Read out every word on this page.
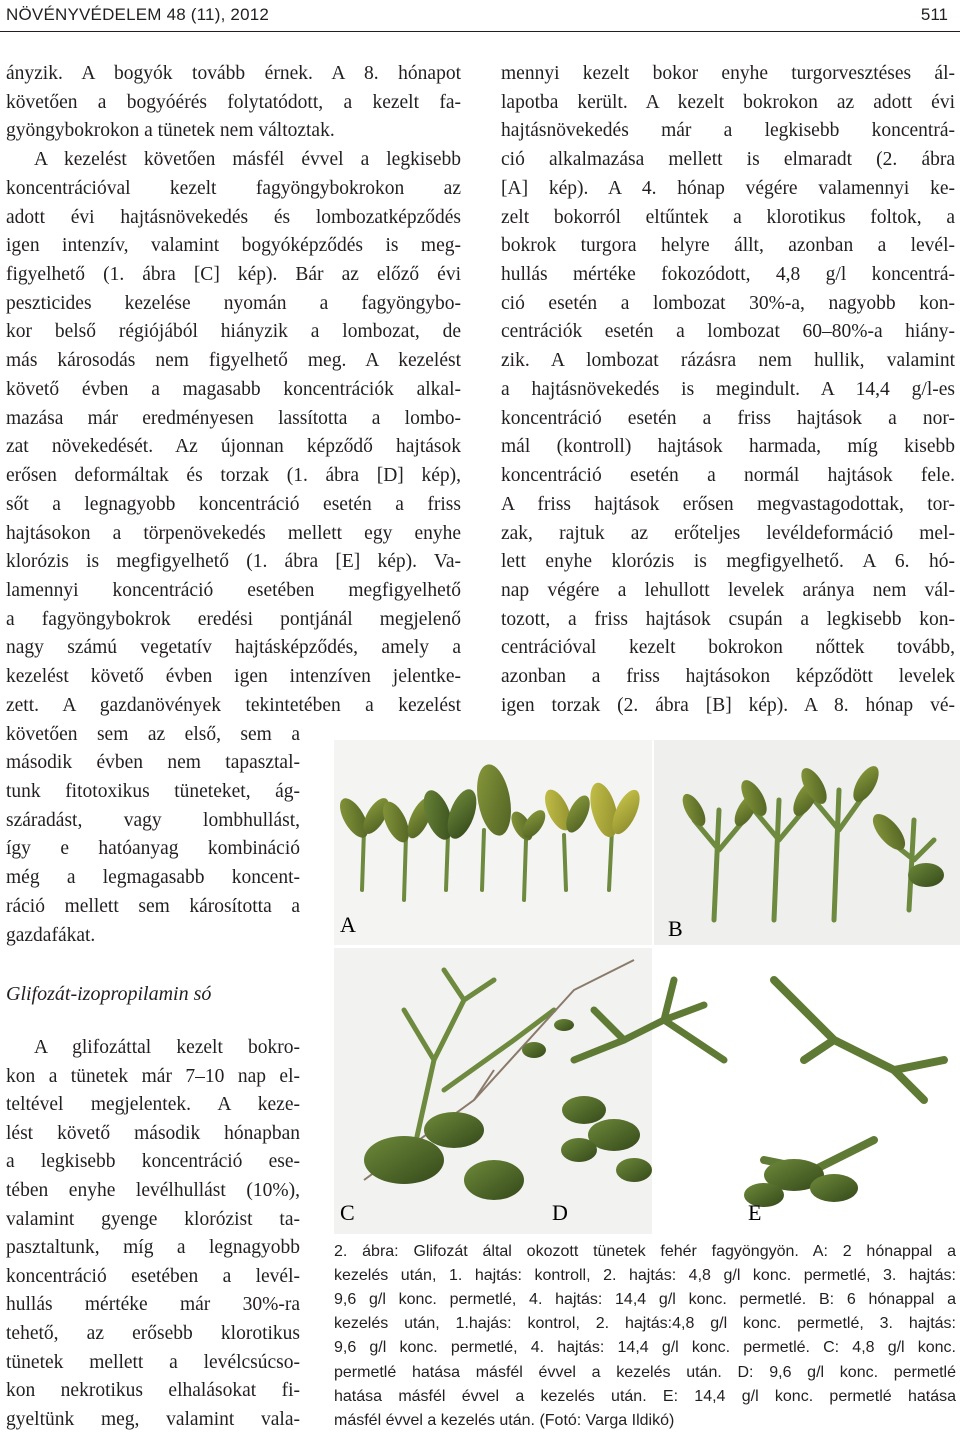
NÖVÉNYVÉDELEM 48 (11), 2012	511
ányzik. A bogyók tovább érnek. A 8. hónapot
követően a bogyóérés folytatódott, a kezelt fa-
gyöngybokrokon a tünetek nem változtak.
A kezelést követően másfél évvel a legkisebb
koncentrációval kezelt fagyöngybokrokon az
adott évi hajtásnövekedés és lombozatképződés
igen intenzív, valamint bogyóképződés is meg-
figyelhető (1. ábra [C] kép). Bár az előző évi
peszticides kezelése nyomán a fagyöngybo-
kor belső régiójából hiányzik a lombozat, de
más károsodás nem figyelhető meg. A kezelést
követő évben a magasabb koncentrációk alkal-
mazása már eredményesen lassította a lombo-
zat növekedését. Az újonnan képződő hajtások
erősen deformáltak és torzak (1. ábra [D] kép),
sőt a legnagyobb koncentráció esetén a friss
hajtásokon a törpenövekedés mellett egy enyhe
klorózis is megfigyelhető (1. ábra [E] kép). Va-
lamennyi koncentráció esetében megfigyelhető
a fagyöngybokrok eredési pontjánál megjelenő
nagy számú vegetatív hajtásképződés, amely a
kezelést követő évben igen intenzíven jelentke-
zett. A gazdanövények tekintetében a kezelést
követően sem az első, sem a
második évben nem tapasztal-
tunk fitotoxikus tüneteket, ág-
száradást, vagy lombhullást,
így e hatóanyag kombináció
még a legmagasabb koncent-
ráció mellett sem károsította a
gazdafákat.
Glifozát-izopropilamin só
A glifozáttal kezelt bokro-
kon a tünetek már 7–10 nap el-
teltével megjelentek. A keze-
lést követő második hónapban
a legkisebb koncentráció ese-
tében enyhe levélhullást (10%),
valamint gyenge klorózist ta-
pasztaltunk, míg a legnagyobb
koncentráció esetében a levél-
hullás mértéke már 30%-ra
tehető, az erősebb klorotikus
tünetek mellett a levélcsúcso-
kon nekrotikus elhalásokat fi-
gyeltünk meg, valamint vala-
mennyi kezelt bokor enyhe turgorvesztéses ál-
lapotba került. A kezelt bokrokon az adott évi
hajtásnövekedés már a legkisebb koncentrá-
ció alkalmazása mellett is elmaradt (2. ábra
[A] kép). A 4. hónap végére valamennyi ke-
zelt bokorról eltűntek a klorotikus foltok, a
bokrok turgora helyre állt, azonban a levél-
hullás mértéke fokozódott, 4,8 g/l koncentrá-
ció esetén a lombozat 30%-a, nagyobb kon-
centrációk esetén a lombozat 60–80%-a hiány-
zik. A lombozat rázásra nem hullik, valamint
a hajtásnövekedés is megindult. A 14,4 g/l-es
koncentráció esetén a friss hajtások a nor-
mál (kontroll) hajtások harmada, míg kisebb
koncentráció esetén a normál hajtások fele.
A friss hajtások erősen megvastagodottak, tor-
zak, rajtuk az erőteljes levéldeformáció mel-
lett enyhe klorózis is megfigyelhető. A 6. hó-
nap végére a lehullott levelek aránya nem vál-
tozott, a friss hajtások csupán a legkisebb kon-
centrációval kezelt bokrokon nőttek tovább,
azonban a friss hajtásokon képződött levelek
igen torzak (2. ábra [B] kép). A 8. hónap vé-
A	B
C	D	E
2. ábra: Glifozát által okozott tünetek fehér fagyöngyön. A: 2 hónappal a
kezelés után, 1. hajtás: kontroll, 2. hajtás: 4,8 g/l konc. permetlé, 3. hajtás:
9,6 g/l konc. permetlé, 4. hajtás: 14,4 g/l konc. permetlé. B: 6 hónappal a
kezelés után, 1.hajás: kontrol, 2. hajtás:4,8 g/l konc. permetlé, 3. hajtás:
9,6 g/l konc. permetlé, 4. hajtás: 14,4 g/l konc. permetlé. C: 4,8 g/l konc.
permetlé hatása másfél évvel a kezelés után. D: 9,6 g/l konc. permetlé
hatása másfél évvel a kezelés után. E: 14,4 g/l konc. permetlé hatása
másfél évvel a kezelés után. (Fotó: Varga Ildikó)
